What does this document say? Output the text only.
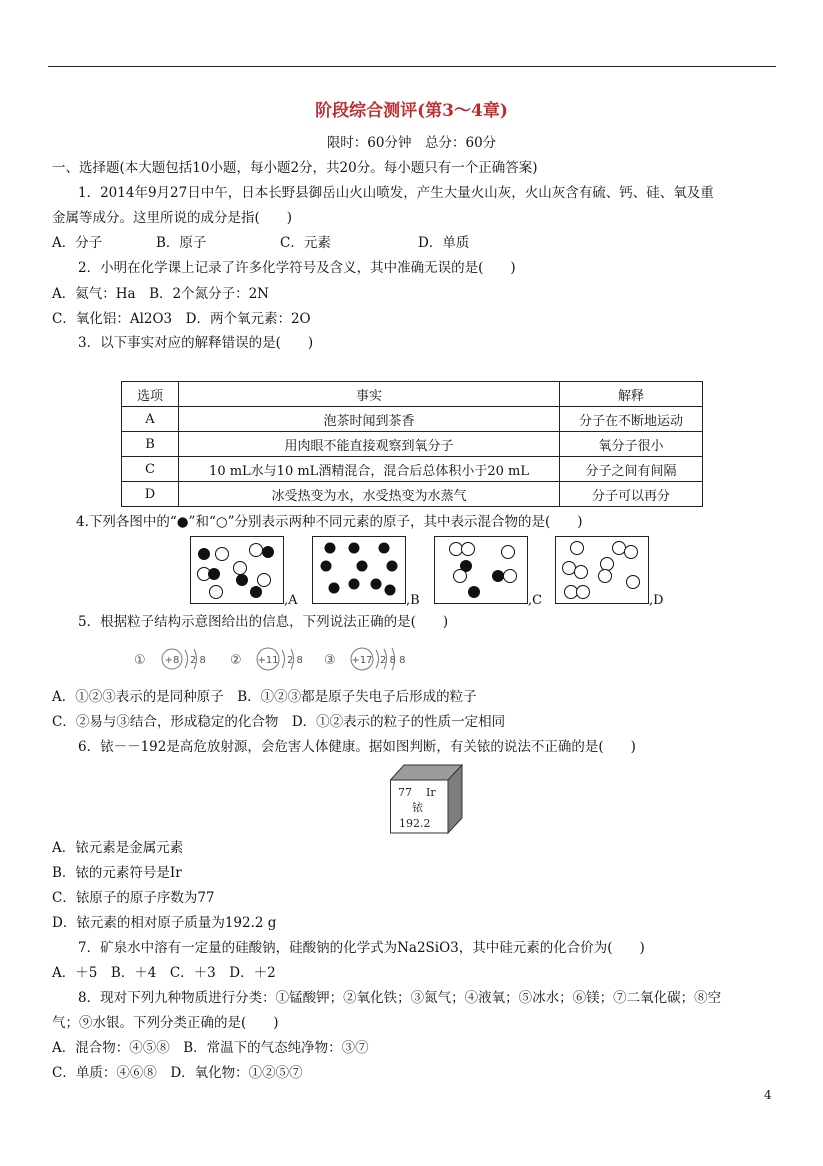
阶段综合测评(第3～4章)
限时：60分钟　总分：60分
一、选择题(本大题包括10小题，每小题2分，共20分。每小题只有一个正确答案)
1．2014年9月27日中午，日本长野县御岳山火山喷发，产生大量火山灰，火山灰含有硫、钙、硅、氧及重
金属等成分。这里所说的成分是指(　　)
A．分子	B．原子	C．元素	D．单质
2．小明在化学课上记录了许多化学符号及含义，其中准确无误的是(　　)
A．氦气：Ha　B．2个氮分子：2N
C．氧化铝：Al2O3　D．两个氧元素：2O
3．以下事实对应的解释错误的是(　　)
选项	事实	解释
A	泡茶时闻到茶香	分子在不断地运动
B	用肉眼不能直接观察到氧分子	氧分子很小
C	10 mL水与10 mL酒精混合，混合后总体积小于20 mL	分子之间有间隔
D	冰受热变为水，水受热变为水蒸气	分子可以再分
4.下列各图中的“●”和“○”分别表示两种不同元素的原子，其中表示混合物的是(　　)
,A	,B	,C	,D
5．根据粒子结构示意图给出的信息，下列说法正确的是(　　)
① +8 2 8 ② +11 2 8 ③ +17 2 8 8
A．①②③表示的是同种原子　B．①②③都是原子失电子后形成的粒子
C．②易与③结合，形成稳定的化合物　D．①②表示的粒子的性质一定相同
6．铱－－192是高危放射源，会危害人体健康。据如图判断，有关铱的说法不正确的是(　　)
77 Ir
铱
192.2
A．铱元素是金属元素
B．铱的元素符号是Ir
C．铱原子的原子序数为77
D．铱元素的相对原子质量为192.2 g
7．矿泉水中溶有一定量的硅酸钠，硅酸钠的化学式为Na2SiO3，其中硅元素的化合价为(　　)
A．＋5　B．＋4　C．＋3　D．＋2
8．现对下列九种物质进行分类：①锰酸钾；②氧化铁；③氮气；④液氧；⑤冰水；⑥镁；⑦二氧化碳；⑧空
气；⑨水银。下列分类正确的是(　　)
A．混合物：④⑤⑧　B．常温下的气态纯净物：③⑦
C．单质：④⑥⑧　D．氧化物：①②⑤⑦
4
